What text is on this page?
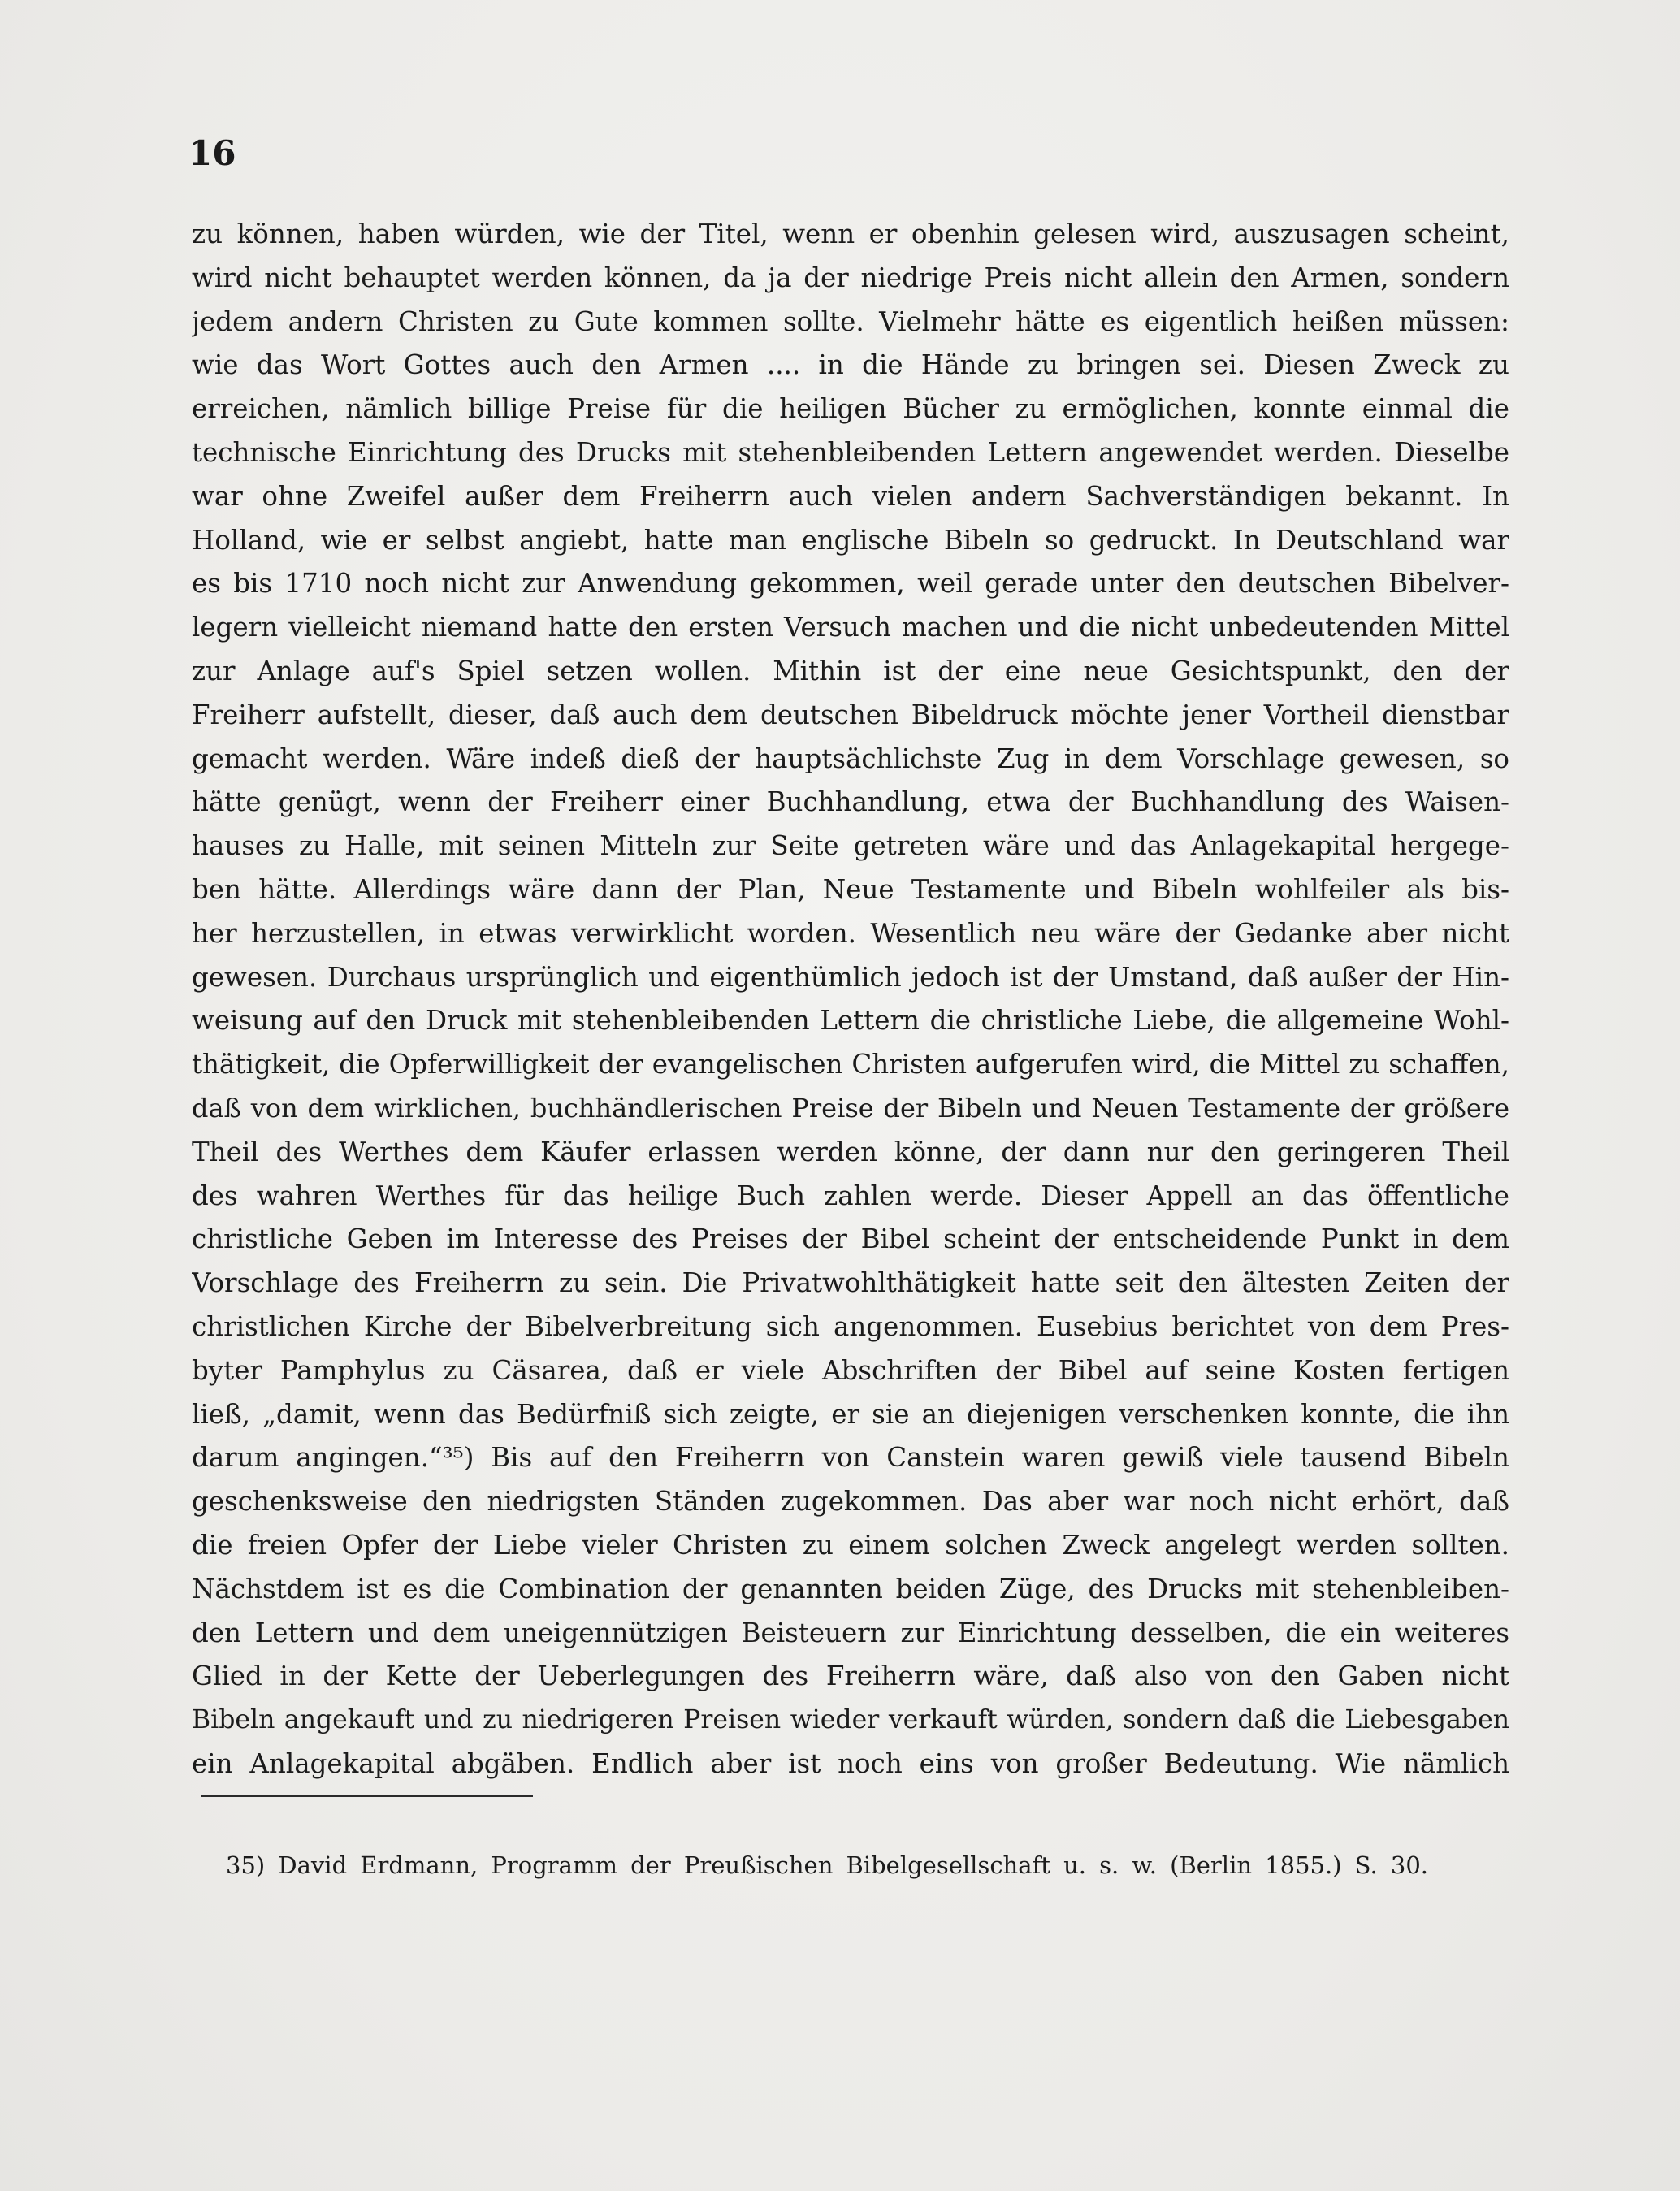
16
zu können, haben würden, wie der Titel, wenn er obenhin gelesen wird, auszusagen scheint,
wird nicht behauptet werden können, da ja der niedrige Preis nicht allein den Armen, sondern
jedem andern Christen zu Gute kommen sollte. Vielmehr hätte es eigentlich heißen müssen:
wie das Wort Gottes auch den Armen .... in die Hände zu bringen sei. Diesen Zweck zu
erreichen, nämlich billige Preise für die heiligen Bücher zu ermöglichen, konnte einmal die
technische Einrichtung des Drucks mit stehenbleibenden Lettern angewendet werden. Dieselbe
war ohne Zweifel außer dem Freiherrn auch vielen andern Sachverständigen bekannt. In
Holland, wie er selbst angiebt, hatte man englische Bibeln so gedruckt. In Deutschland war
es bis 1710 noch nicht zur Anwendung gekommen, weil gerade unter den deutschen Bibelver-
legern vielleicht niemand hatte den ersten Versuch machen und die nicht unbedeutenden Mittel
zur Anlage auf's Spiel setzen wollen. Mithin ist der eine neue Gesichtspunkt, den der
Freiherr aufstellt, dieser, daß auch dem deutschen Bibeldruck möchte jener Vortheil dienstbar
gemacht werden. Wäre indeß dieß der hauptsächlichste Zug in dem Vorschlage gewesen, so
hätte genügt, wenn der Freiherr einer Buchhandlung, etwa der Buchhandlung des Waisen-
hauses zu Halle, mit seinen Mitteln zur Seite getreten wäre und das Anlagekapital hergege-
ben hätte. Allerdings wäre dann der Plan, Neue Testamente und Bibeln wohlfeiler als bis-
her herzustellen, in etwas verwirklicht worden. Wesentlich neu wäre der Gedanke aber nicht
gewesen. Durchaus ursprünglich und eigenthümlich jedoch ist der Umstand, daß außer der Hin-
weisung auf den Druck mit stehenbleibenden Lettern die christliche Liebe, die allgemeine Wohl-
thätigkeit, die Opferwilligkeit der evangelischen Christen aufgerufen wird, die Mittel zu schaffen,
daß von dem wirklichen, buchhändlerischen Preise der Bibeln und Neuen Testamente der größere
Theil des Werthes dem Käufer erlassen werden könne, der dann nur den geringeren Theil
des wahren Werthes für das heilige Buch zahlen werde. Dieser Appell an das öffentliche
christliche Geben im Interesse des Preises der Bibel scheint der entscheidende Punkt in dem
Vorschlage des Freiherrn zu sein. Die Privatwohlthätigkeit hatte seit den ältesten Zeiten der
christlichen Kirche der Bibelverbreitung sich angenommen. Eusebius berichtet von dem Pres-
byter Pamphylus zu Cäsarea, daß er viele Abschriften der Bibel auf seine Kosten fertigen
ließ, „damit, wenn das Bedürfniß sich zeigte, er sie an diejenigen verschenken konnte, die ihn
darum angingen.“³⁵) Bis auf den Freiherrn von Canstein waren gewiß viele tausend Bibeln
geschenksweise den niedrigsten Ständen zugekommen. Das aber war noch nicht erhört, daß
die freien Opfer der Liebe vieler Christen zu einem solchen Zweck angelegt werden sollten.
Nächstdem ist es die Combination der genannten beiden Züge, des Drucks mit stehenbleiben-
den Lettern und dem uneigennützigen Beisteuern zur Einrichtung desselben, die ein weiteres
Glied in der Kette der Ueberlegungen des Freiherrn wäre, daß also von den Gaben nicht
Bibeln angekauft und zu niedrigeren Preisen wieder verkauft würden, sondern daß die Liebesgaben
ein Anlagekapital abgäben. Endlich aber ist noch eins von großer Bedeutung. Wie nämlich
35) David Erdmann, Programm der Preußischen Bibelgesellschaft u. s. w. (Berlin 1855.) S. 30.
